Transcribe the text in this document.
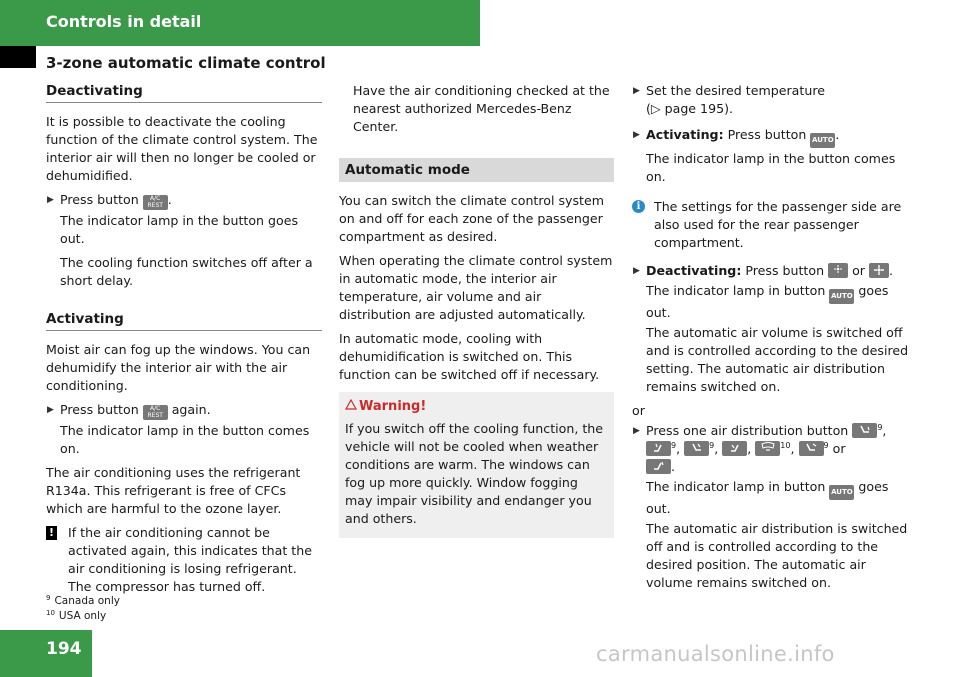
Controls in detail
3-zone automatic climate control
Deactivating

It is possible to deactivate the cooling function of the climate control system. The interior air will then no longer be cooled or dehumidified.

▶ Press button A/C
REST .

The indicator lamp in the button goes out.

The cooling function switches off after a short delay.

Activating

Moist air can fog up the windows. You can dehumidify the interior air with the air conditioning.

▶ Press button A/C
REST again.

The indicator lamp in the button comes on.

The air conditioning uses the refrigerant R134a. This refrigerant is free of CFCs which are harmful to the ozone layer.

! If the air conditioning cannot be activated again, this indicates that the air conditioning is losing refrigerant. The compressor has turned off.

Have the air conditioning checked at the nearest authorized Mercedes-Benz Center.

Automatic mode

You can switch the climate control system on and off for each zone of the passenger compartment as desired.

When operating the climate control system in automatic mode, the interior air temperature, air volume and air distribution are adjusted automatically.

In automatic mode, cooling with dehumidification is switched on. This function can be switched off if necessary.

Warning!
If you switch off the cooling function, the vehicle will not be cooled when weather conditions are warm. The windows can fog up more quickly. Window fogging may impair visibility and endanger you and others.
▶ Set the desired temperature
(▷ page 195).
▶ Activating: Press button AUTO .

The indicator lamp in the button comes on.

i	The settings for the passenger side are also used for the rear passenger compartment.
▶ Deactivating: Press button or .

The indicator lamp in button AUTO goes out.

The automatic air volume is switched off and is controlled according to the desired setting. The automatic air distribution remains switched on.

or

▶ Press one air distribution button	$^9$,

$^9$,	$^9$, ,	$^{10}$,	$^9$ or

.

The indicator lamp in button AUTO goes out.

The automatic air distribution is switched off and is controlled according to the desired position. The automatic air volume remains switched on.

$^9$ Canada only
$^{10}$ USA only
194	carmanualsonline.info
